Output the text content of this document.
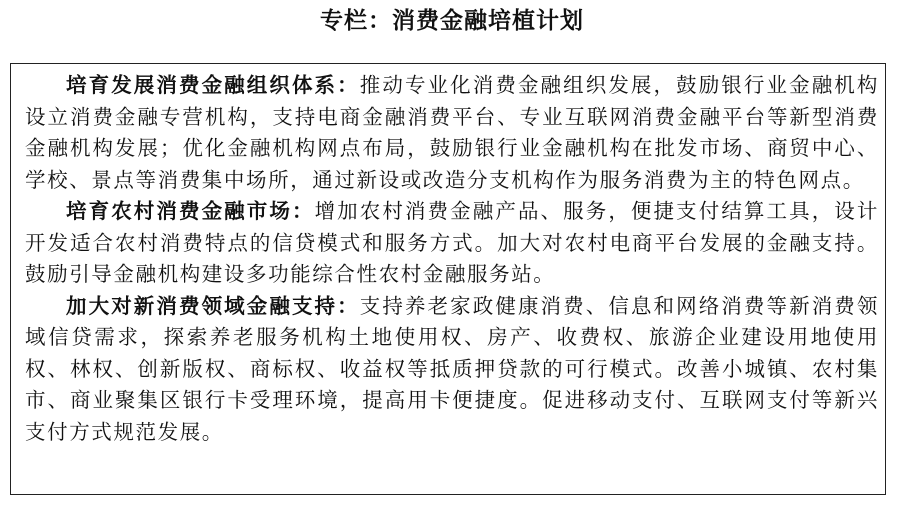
专栏：消费金融培植计划

培育发展消费金融组织体系：推动专业化消费金融组织发展，鼓励银行业金融机构设立消费金融专营机构，支持电商金融消费平台、专业互联网消费金融平台等新型消费金融机构发展；优化金融机构网点布局，鼓励银行业金融机构在批发市场、商贸中心、学校、景点等消费集中场所，通过新设或改造分支机构作为服务消费为主的特色网点。

培育农村消费金融市场：增加农村消费金融产品、服务，便捷支付结算工具，设计开发适合农村消费特点的信贷模式和服务方式。加大对农村电商平台发展的金融支持。鼓励引导金融机构建设多功能综合性农村金融服务站。

加大对新消费领域金融支持：支持养老家政健康消费、信息和网络消费等新消费领域信贷需求，探索养老服务机构土地使用权、房产、收费权、旅游企业建设用地使用权、林权、创新版权、商标权、收益权等抵质押贷款的可行模式。改善小城镇、农村集市、商业聚集区银行卡受理环境，提高用卡便捷度。促进移动支付、互联网支付等新兴支付方式规范发展。
